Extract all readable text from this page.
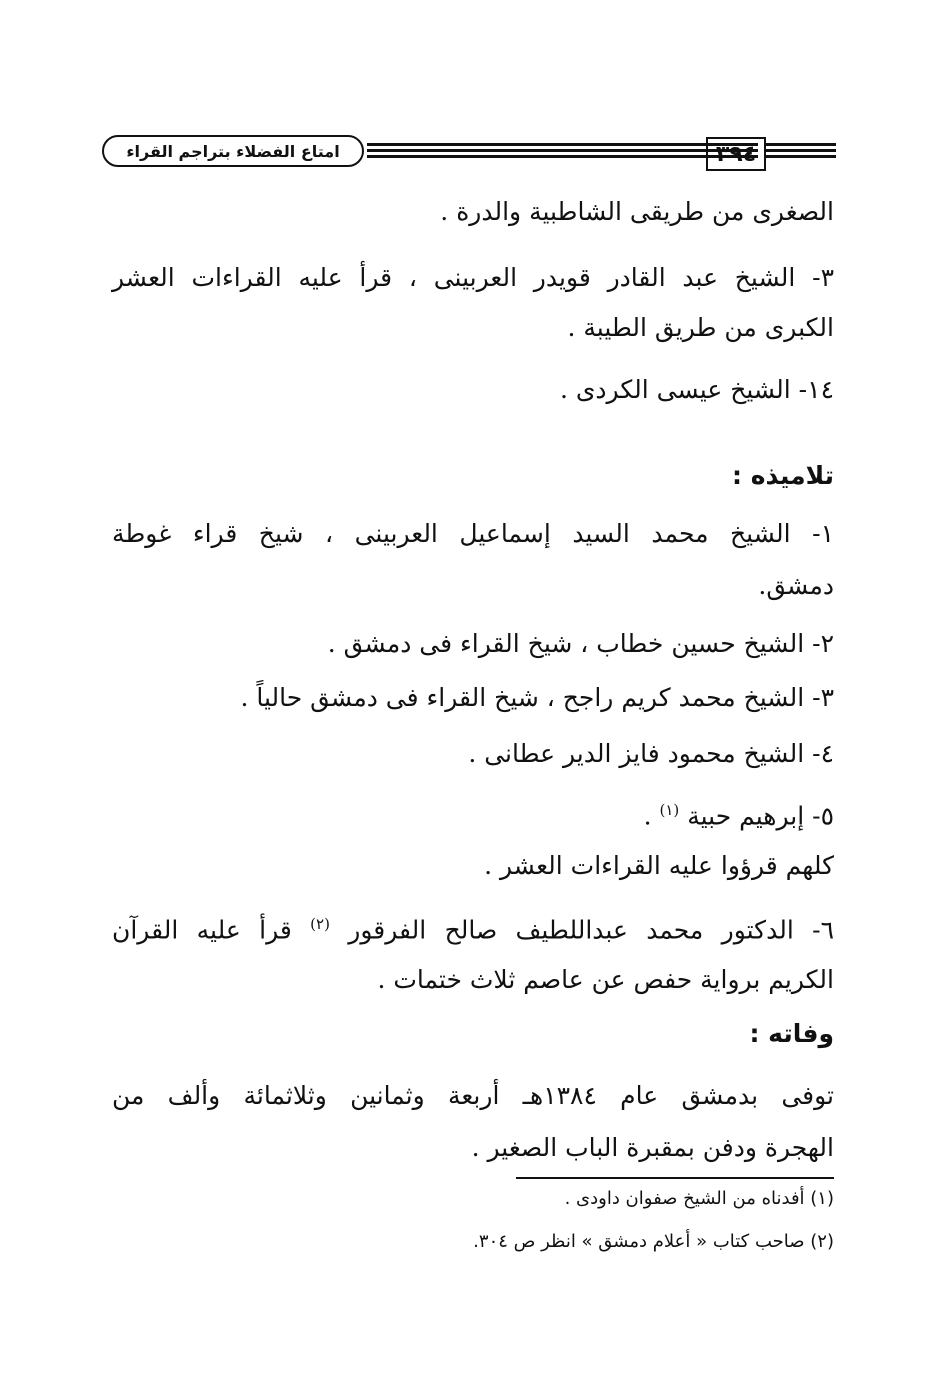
امتاع الفضلاء بتراجم القراء	٣٩٤
الصغرى من طريقى الشاطبية والدرة .
٣- الشيخ عبد القادر قويدر العربينى ، قرأ عليه القراءات العشر
الكبرى من طريق الطيبة .
١٤- الشيخ عيسى الكردى .
تلاميذه :
١- الشيخ محمد السيد إسماعيل العربينى ، شيخ قراء غوطة
دمشق.
٢- الشيخ حسين خطاب ، شيخ القراء فى دمشق .
٣- الشيخ محمد كريم راجح ، شيخ القراء فى دمشق حالياً .
٤- الشيخ محمود فايز الدير عطانى .
٥- إبرهيم حبية $^{(١)}$ .
كلهم قرؤوا عليه القراءات العشر .
٦- الدكتور محمد عبداللطيف صالح الفرقور $^{(٢)}$ قرأ عليه القرآن
الكريم برواية حفص عن عاصم ثلاث ختمات .
وفاته :
توفى بدمشق عام ١٣٨٤هـ أربعة وثمانين وثلاثمائة وألف من
الهجرة ودفن بمقبرة الباب الصغير .
(١) أفدناه من الشيخ صفوان داودى .
(٢) صاحب كتاب « أعلام دمشق » انظر ص ٣٠٤.
